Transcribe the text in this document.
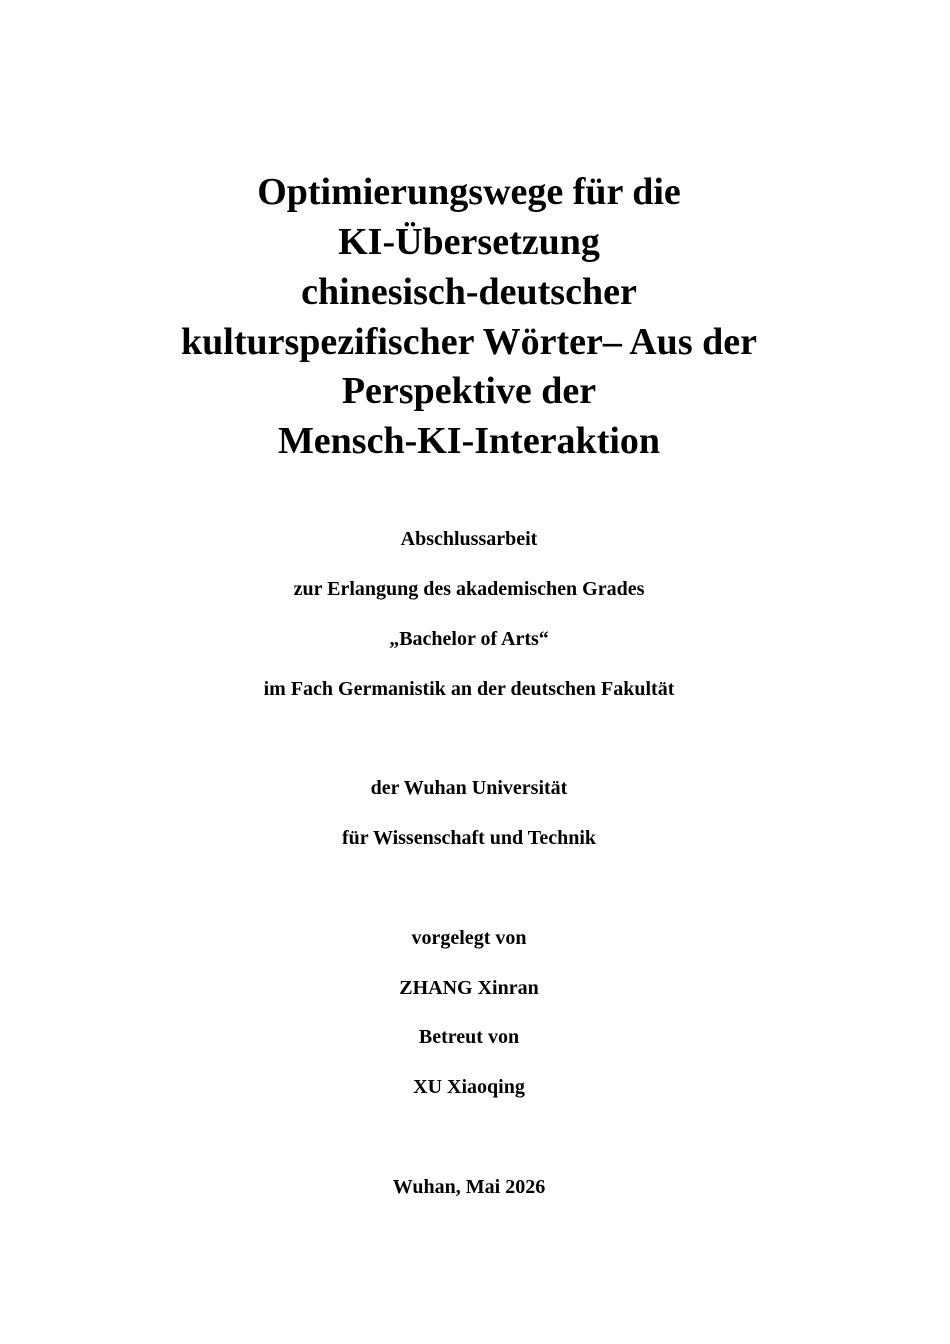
Optimierungswege für die
KI-Übersetzung
chinesisch-deutscher
kulturspezifischer Wörter– Aus der
Perspektive der
Mensch-KI-Interaktion
Abschlussarbeit
zur Erlangung des akademischen Grades
„Bachelor of Arts“
im Fach Germanistik an der deutschen Fakultät
der Wuhan Universität
für Wissenschaft und Technik
vorgelegt von
ZHANG Xinran
Betreut von
XU Xiaoqing
Wuhan, Mai 2026
